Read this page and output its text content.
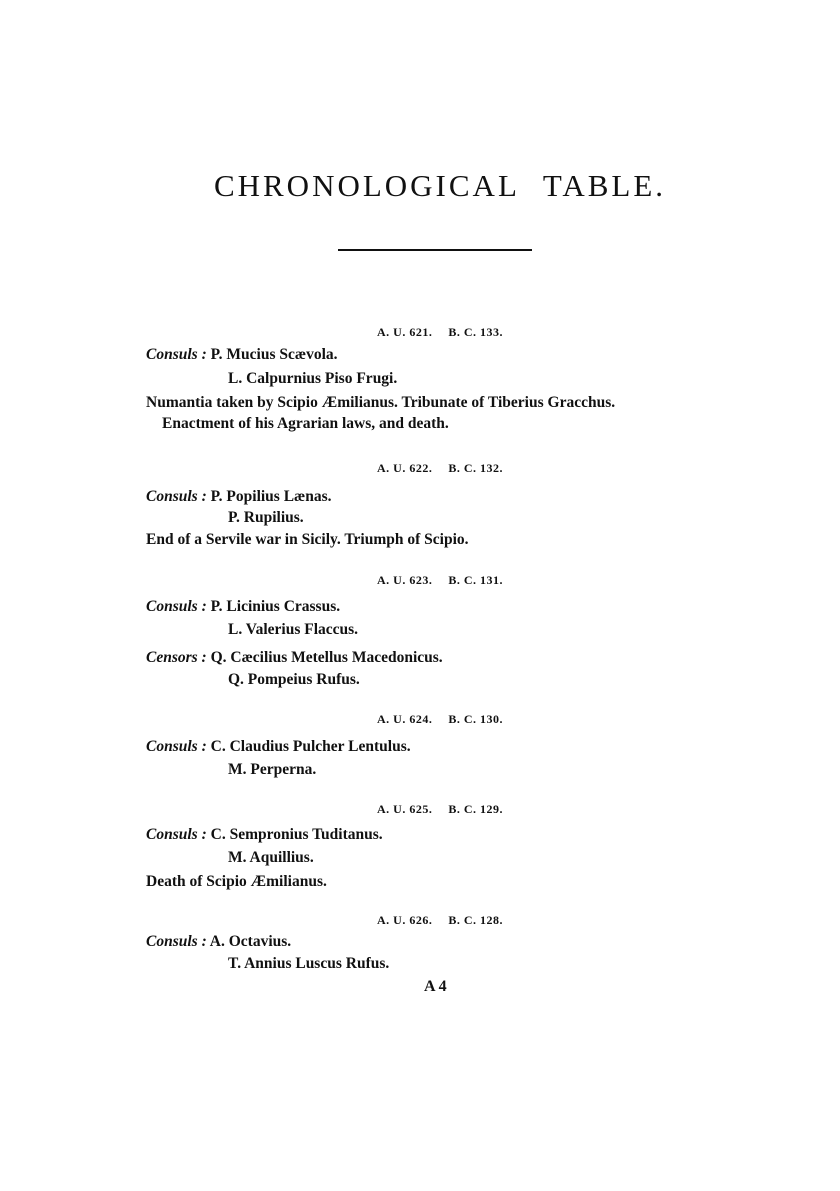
CHRONOLOGICAL TABLE.
A. U. 621. B. C. 133.
Consuls : P. Mucius Scævola.
L. Calpurnius Piso Frugi.
Numantia taken by Scipio Æmilianus. Tribunate of Tiberius Gracchus.
Enactment of his Agrarian laws, and death.
A. U. 622. B. C. 132.
Consuls : P. Popilius Lænas.
P. Rupilius.
End of a Servile war in Sicily. Triumph of Scipio.
A. U. 623. B. C. 131.
Consuls : P. Licinius Crassus.
L. Valerius Flaccus.
Censors : Q. Cæcilius Metellus Macedonicus.
Q. Pompeius Rufus.
A. U. 624. B. C. 130.
Consuls : C. Claudius Pulcher Lentulus.
M. Perperna.
A. U. 625. B. C. 129.
Consuls : C. Sempronius Tuditanus.
M. Aquillius.
Death of Scipio Æmilianus.
A. U. 626. B. C. 128.
Consuls : A. Octavius.
T. Annius Luscus Rufus.
A 4
